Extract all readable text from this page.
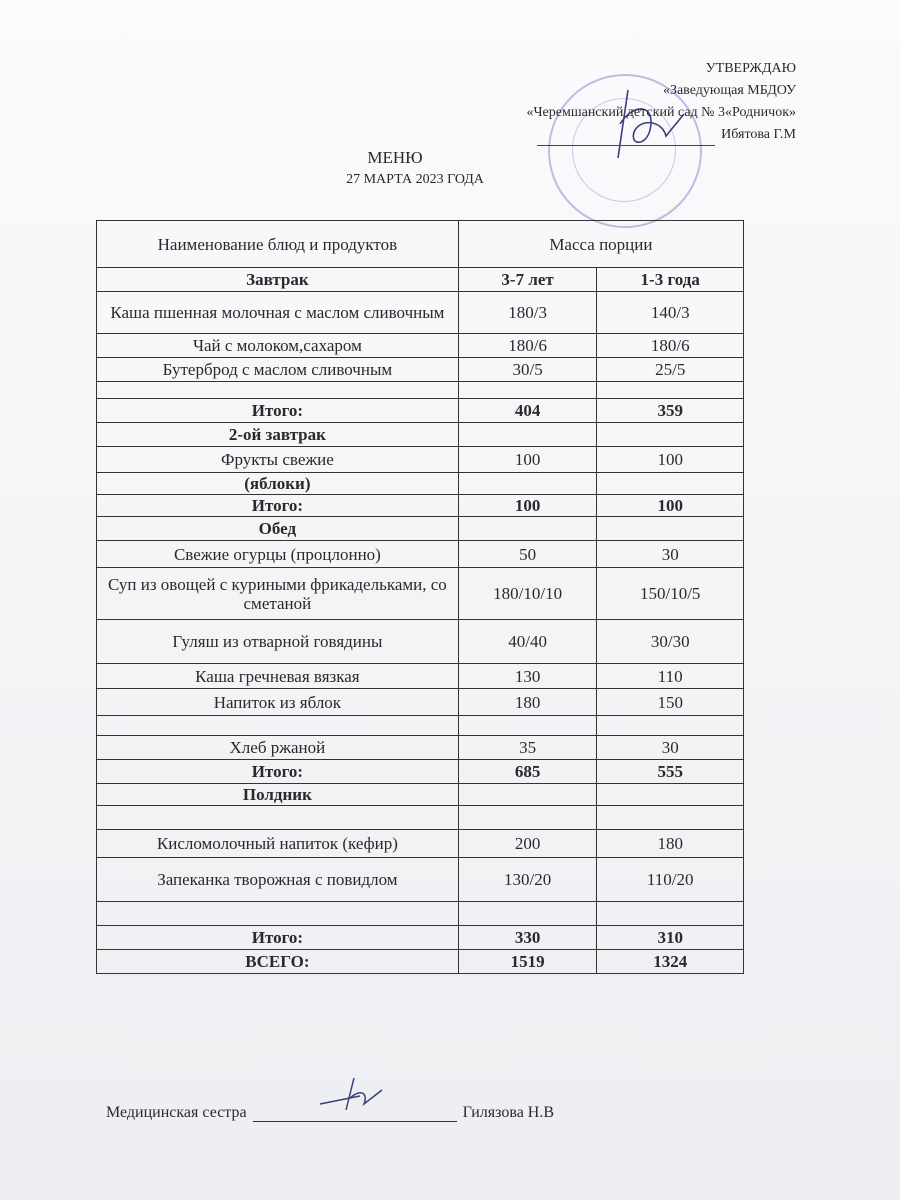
УТВЕРЖДАЮ
«Заведующая МБДОУ
«Черемшанский детский сад № 3«Родничок»
Ибятова Г.М
МЕНЮ
27 МАРТА 2023 ГОДА
Наименование блюд и продуктов	Масса порции	
Завтрак	3-7 лет	1-3 года
Каша пшенная молочная с маслом сливочным	180/3	140/3
Чай с молоком,сахаром	180/6	180/6
Бутерброд с маслом сливочным	30/5	25/5

Итого:	404	359
2-ой завтрак		
Фрукты свежие	100	100
(яблоки)		
Итого:	100	100
Обед		
Свежие огурцы (процлонно)	50	30
Суп из овощей с куриными фрикадельками, со сметаной	180/10/10	150/10/5
Гуляш из отварной говядины	40/40	30/30
Каша гречневая вязкая	130	110
Напиток из яблок	180	150

Хлеб ржаной	35	30
Итого:	685	555
Полдник		

Кисломолочный напиток (кефир)	200	180
Запеканка творожная с повидлом	130/20	110/20

Итого:	330	310
ВСЕГО:	1519	1324
Медицинская сестра	Гилязова Н.В
